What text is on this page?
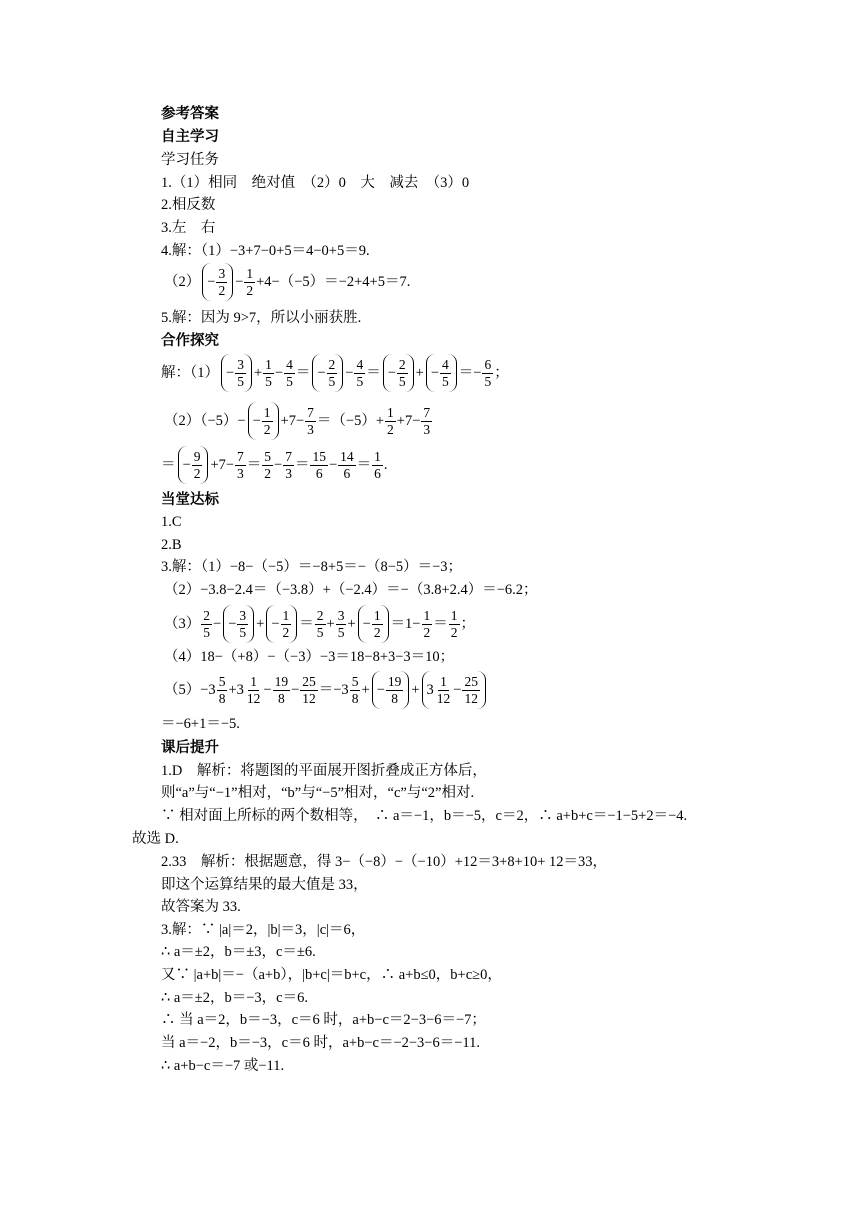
参考答案
自主学习
学习任务
1.（1）相同　绝对值　（2）0　大　减去　（3）0
2.相反数
3.左　右
4.解：（1）−3+7−0+5＝4−0+5＝9.
$(2) - \frac{3}{2} - \frac{1}{2} +4-(-5) =-2+4+5=7$.
5.解：因为 9>7，所以小丽获胜.
合作探究
解：$(1) - \frac{3}{5} + \frac{1}{5} - \frac{4}{5}$ ＝ − $\frac{2}{5} - \frac{4}{5}$ ＝ − $\frac{2}{5}$ + − $\frac{4}{5} =- \frac{6}{5}$ ；
$(2)(-5)- - \frac{1}{2} +7- \frac{7}{3} =(-5)+ \frac{1}{2} +7- \frac{7}{3}$
＝ − $\frac{9}{2} +7- \frac{7}{3} = \frac{5}{2} - \frac{7}{3} = \frac{15}{6} - \frac{14}{6} = \frac{1}{6}$ .
当堂达标
1.C
2.B
3.解：（1）−8−（−5）＝−8+5＝−（8−5）＝−3；
（2）−3.8−2.4＝（−3.8）+（−2.4）＝−（3.8+2.4）＝−6.2；
$(3) \frac{2}{5}$ − − $\frac{3}{5}$ + − $\frac{1}{2} = \frac{2}{5} + \frac{3}{5}$ + − $\frac{1}{2} =1- \frac{1}{2} = \frac{1}{2}$ ；
（4）18−（+8）−（−3）−3＝18−8+3−3＝10；
$(5) -3 \frac{5}{8} +3 \frac{1}{12} - \frac{19}{8} - \frac{25}{12} =-3 \frac{5}{8}$ + − $\frac{19}{8} + 3 \frac{1}{12} - \frac{25}{12}$
＝−6+1＝−5.
课后提升
1.D　解析：将题图的平面展开图折叠成正方体后，
则“a”与“−1”相对，“b”与“−5”相对，“c”与“2”相对.
∵ 相对面上所标的两个数相等，　∴ a＝−1，b＝−5，c＝2，∴ a+b+c＝−1−5+2＝−4.
故选 D.
2.33　解析：根据题意，得 3−（−8）−（−10）+12＝3+8+10+ 12＝33，
即这个运算结果的最大值是 33，
故答案为 33.
3.解：∵ |a|＝2，|b|＝3，|c|＝6，
∴ a＝±2，b＝±3，c＝±6.
又∵ |a+b|＝−（a+b），|b+c|＝b+c，∴ a+b≤0，b+c≥0，
∴ a＝±2，b＝−3，c＝6.
∴ 当 a＝2，b＝−3，c＝6 时，a+b−c＝2−3−6＝−7；
当 a＝−2，b＝−3，c＝6 时，a+b−c＝−2−3−6＝−11.
∴ a+b−c＝−7 或−11.
